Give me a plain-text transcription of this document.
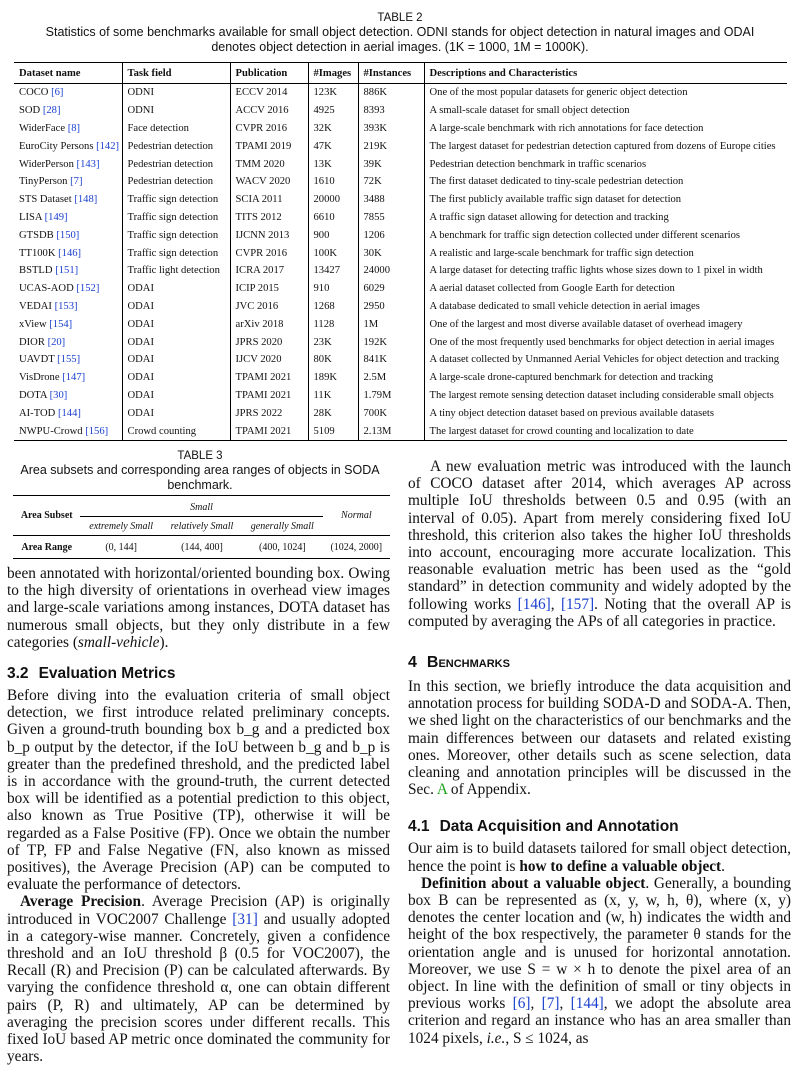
TABLE 2
Statistics of some benchmarks available for small object detection. ODNI stands for object detection in natural images and ODAI denotes object detection in aerial images. (1K = 1000, 1M = 1000K).
Dataset name	Task field	Publication	#Images	#Instances	Descriptions and Characteristics
COCO [6]	ODNI	ECCV 2014	123K	886K	One of the most popular datasets for generic object detection
SOD [28]	ODNI	ACCV 2016	4925	8393	A small-scale dataset for small object detection
WiderFace [8]	Face detection	CVPR 2016	32K	393K	A large-scale benchmark with rich annotations for face detection
EuroCity Persons [142]	Pedestrian detection	TPAMI 2019	47K	219K	The largest dataset for pedestrian detection captured from dozens of Europe cities
WiderPerson [143]	Pedestrian detection	TMM 2020	13K	39K	Pedestrian detection benchmark in traffic scenarios
TinyPerson [7]	Pedestrian detection	WACV 2020	1610	72K	The first dataset dedicated to tiny-scale pedestrian detection
STS Dataset [148]	Traffic sign detection	SCIA 2011	20000	3488	The first publicly available traffic sign dataset for detection
LISA [149]	Traffic sign detection	TITS 2012	6610	7855	A traffic sign dataset allowing for detection and tracking
GTSDB [150]	Traffic sign detection	IJCNN 2013	900	1206	A benchmark for traffic sign detection collected under different scenarios
TT100K [146]	Traffic sign detection	CVPR 2016	100K	30K	A realistic and large-scale benchmark for traffic sign detection
BSTLD [151]	Traffic light detection	ICRA 2017	13427	24000	A large dataset for detecting traffic lights whose sizes down to 1 pixel in width
UCAS-AOD [152]	ODAI	ICIP 2015	910	6029	A aerial dataset collected from Google Earth for detection
VEDAI [153]	ODAI	JVC 2016	1268	2950	A database dedicated to small vehicle detection in aerial images
xView [154]	ODAI	arXiv 2018	1128	1M	One of the largest and most diverse available dataset of overhead imagery
DIOR [20]	ODAI	JPRS 2020	23K	192K	One of the most frequently used benchmarks for object detection in aerial images
UAVDT [155]	ODAI	IJCV 2020	80K	841K	A dataset collected by Unmanned Aerial Vehicles for object detection and tracking
VisDrone [147]	ODAI	TPAMI 2021	189K	2.5M	A large-scale drone-captured benchmark for detection and tracking
DOTA [30]	ODAI	TPAMI 2021	11K	1.79M	The largest remote sensing detection dataset including considerable small objects
AI-TOD [144]	ODAI	JPRS 2022	28K	700K	A tiny object detection dataset based on previous available datasets
NWPU-Crowd [156]	Crowd counting	TPAMI 2021	5109	2.13M	The largest dataset for crowd counting and localization to date
TABLE 3
Area subsets and corresponding area ranges of objects in SODA benchmark.
Area Subset	Small			Normal
	extremely Small	relatively Small	generally Small	
Area Range	(0, 144]	(144, 400]	(400, 1024]	(1024, 2000]

been annotated with horizontal/oriented bounding box. Owing to the high diversity of orientations in overhead view images and large-scale variations among instances, DOTA dataset has numerous small objects, but they only distribute in a few categories (small-vehicle).

3.2 Evaluation Metrics

Before diving into the evaluation criteria of small object detection, we first introduce related preliminary concepts. Given a ground-truth bounding box b_g and a predicted box b_p output by the detector, if the IoU between b_g and b_p is greater than the predefined threshold, and the predicted label is in accordance with the ground-truth, the current detected box will be identified as a potential prediction to this object, also known as True Positive (TP), otherwise it will be regarded as a False Positive (FP). Once we obtain the number of TP, FP and False Negative (FN, also known as missed positives), the Average Precision (AP) can be computed to evaluate the performance of detectors.

Average Precision. Average Precision (AP) is originally introduced in VOC2007 Challenge [31] and usually adopted in a category-wise manner. Concretely, given a confidence threshold and an IoU threshold β (0.5 for VOC2007), the Recall (R) and Precision (P) can be calculated afterwards. By varying the confidence threshold α, one can obtain different pairs (P, R) and ultimately, AP can be determined by averaging the precision scores under different recalls. This fixed IoU based AP metric once dominated the community for years.

A new evaluation metric was introduced with the launch of COCO dataset after 2014, which averages AP across multiple IoU thresholds between 0.5 and 0.95 (with an interval of 0.05). Apart from merely considering fixed IoU threshold, this criterion also takes the higher IoU thresholds into account, encouraging more accurate localization. This reasonable evaluation metric has been used as the “gold standard” in detection community and widely adopted by the following works [146], [157]. Noting that the overall AP is computed by averaging the APs of all categories in practice.

4 Benchmarks

In this section, we briefly introduce the data acquisition and annotation process for building SODA-D and SODA-A. Then, we shed light on the characteristics of our benchmarks and the main differences between our datasets and related existing ones. Moreover, other details such as scene selection, data cleaning and annotation principles will be discussed in the Sec. A of Appendix.

4.1 Data Acquisition and Annotation

Our aim is to build datasets tailored for small object detection, hence the point is how to define a valuable object.

Definition about a valuable object. Generally, a bounding box B can be represented as (x, y, w, h, θ), where (x, y) denotes the center location and (w, h) indicates the width and height of the box respectively, the parameter θ stands for the orientation angle and is unused for horizontal annotation. Moreover, we use S = w × h to denote the pixel area of an object. In line with the definition of small or tiny objects in previous works [6], [7], [144], we adopt the absolute area criterion and regard an instance who has an area smaller than 1024 pixels, i.e., S ≤ 1024, as
